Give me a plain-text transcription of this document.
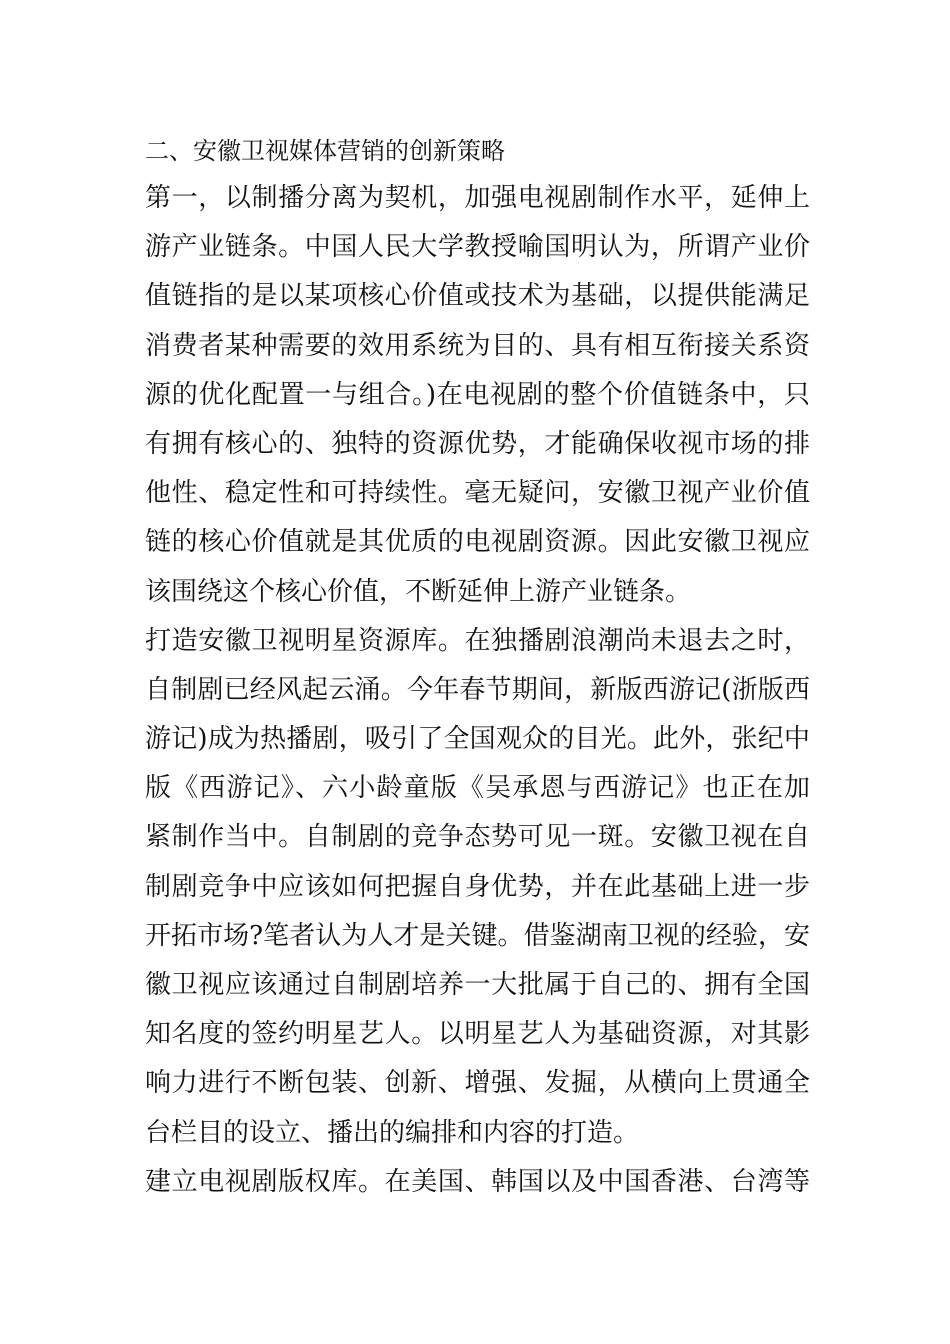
二、安徽卫视媒体营销的创新策略
第一，以制播分离为契机，加强电视剧制作水平，延伸上
游产业链条。中国人民大学教授喻国明认为，所谓产业价
值链指的是以某项核心价值或技术为基础，以提供能满足
消费者某种需要的效用系统为目的、具有相互衔接关系资
源的优化配置一与组合。)在电视剧的整个价值链条中，只
有拥有核心的、独特的资源优势，才能确保收视市场的排
他性、稳定性和可持续性。毫无疑问，安徽卫视产业价值
链的核心价值就是其优质的电视剧资源。因此安徽卫视应
该围绕这个核心价值，不断延伸上游产业链条。
打造安徽卫视明星资源库。在独播剧浪潮尚未退去之时，
自制剧已经风起云涌。今年春节期间，新版西游记(浙版西
游记)成为热播剧，吸引了全国观众的目光。此外，张纪中
版《西游记》、六小龄童版《吴承恩与西游记》也正在加
紧制作当中。自制剧的竞争态势可见一斑。安徽卫视在自
制剧竞争中应该如何把握自身优势，并在此基础上进一步
开拓市场?笔者认为人才是关键。借鉴湖南卫视的经验，安
徽卫视应该通过自制剧培养一大批属于自己的、拥有全国
知名度的签约明星艺人。以明星艺人为基础资源，对其影
响力进行不断包装、创新、增强、发掘，从横向上贯通全
台栏目的设立、播出的编排和内容的打造。
建立电视剧版权库。在美国、韩国以及中国香港、台湾等
